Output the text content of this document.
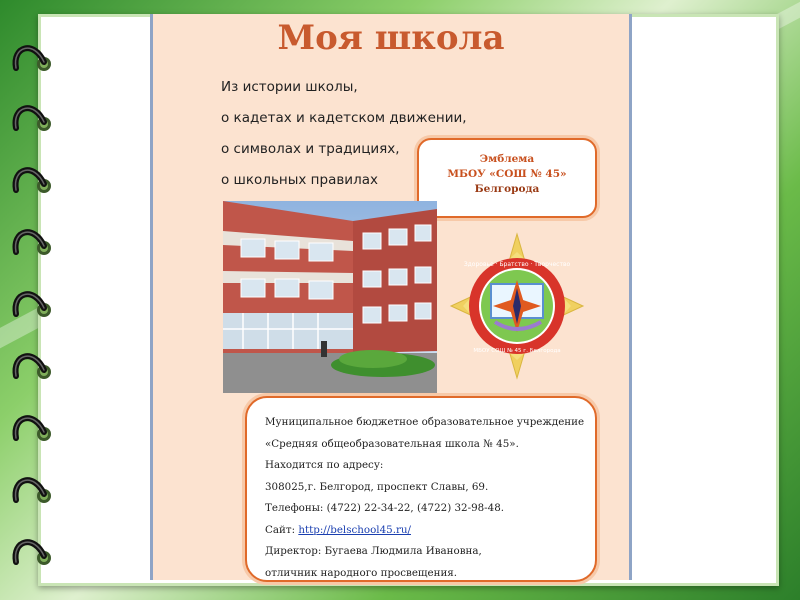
Моя школа
Из истории школы,
о кадетах и кадетском движении,
о символах и традициях,
о школьных правилах
Эмблема
МБОУ «СОШ № 45»
Белгорода
Здоровье · Братство · Творчество
МБОУ СОШ № 45 г. Белгорода
Муниципальное бюджетное образовательное учреждение
«Средняя общеобразовательная школа № 45».
Находится по адресу:
308025,г. Белгород, проспект Славы, 69.
Телефоны: (4722) 22-34-22, (4722) 32-98-48.
Сайт: http://belschool45.ru/
Директор: Бугаева Людмила Ивановна,
отличник народного просвещения.
